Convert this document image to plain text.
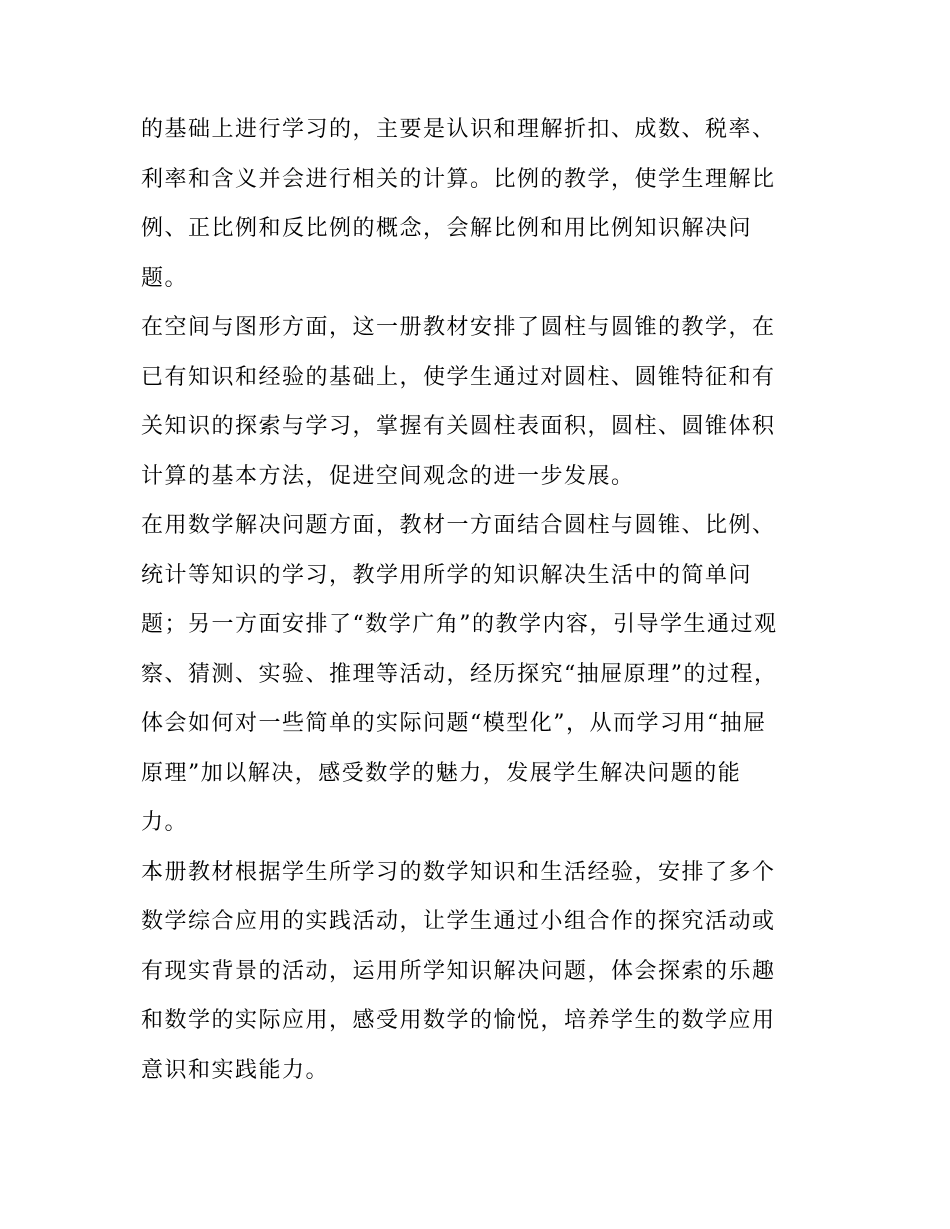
的基础上进行学习的，主要是认识和理解折扣、成数、税率、
利率和含义并会进行相关的计算。比例的教学，使学生理解比
例、正比例和反比例的概念，会解比例和用比例知识解决问
题。
在空间与图形方面，这一册教材安排了圆柱与圆锥的教学，在
已有知识和经验的基础上，使学生通过对圆柱、圆锥特征和有
关知识的探索与学习，掌握有关圆柱表面积，圆柱、圆锥体积
计算的基本方法，促进空间观念的进一步发展。
在用数学解决问题方面，教材一方面结合圆柱与圆锥、比例、
统计等知识的学习，教学用所学的知识解决生活中的简单问
题；另一方面安排了“数学广角”的教学内容，引导学生通过观
察、猜测、实验、推理等活动，经历探究“抽屉原理”的过程，
体会如何对一些简单的实际问题“模型化”，从而学习用“抽屉
原理”加以解决，感受数学的魅力，发展学生解决问题的能
力。
本册教材根据学生所学习的数学知识和生活经验，安排了多个
数学综合应用的实践活动，让学生通过小组合作的探究活动或
有现实背景的活动，运用所学知识解决问题，体会探索的乐趣
和数学的实际应用，感受用数学的愉悦，培养学生的数学应用
意识和实践能力。
